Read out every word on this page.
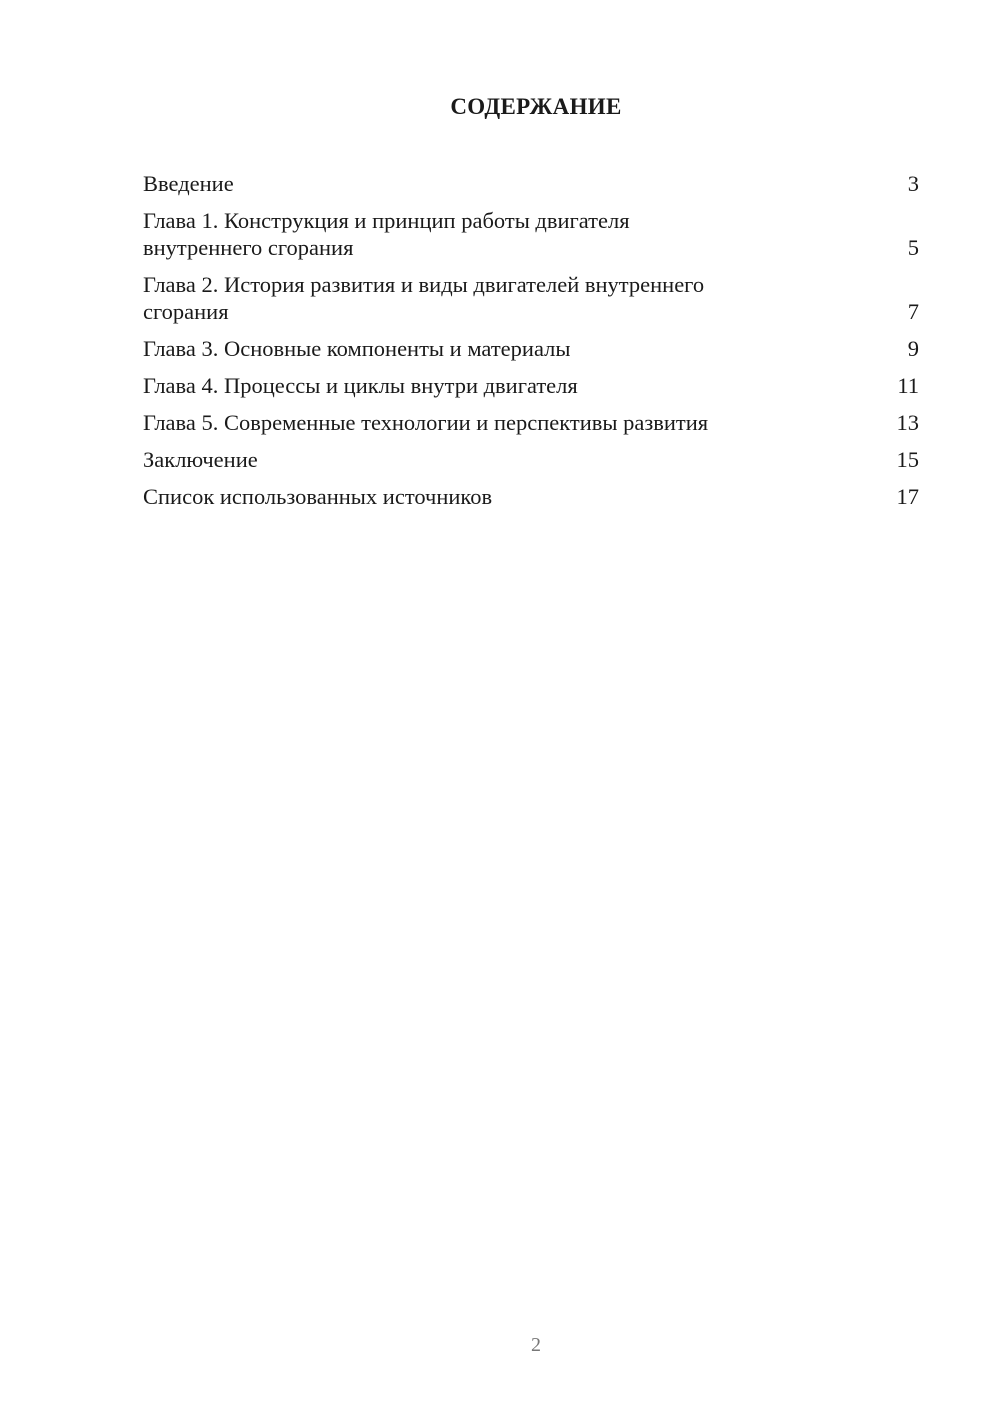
СОДЕРЖАНИЕ
Введение	3
Глава 1. Конструкция и принцип работы двигателя внутреннего сгорания	5
Глава 2. История развития и виды двигателей внутреннего сгорания	7
Глава 3. Основные компоненты и материалы	9
Глава 4. Процессы и циклы внутри двигателя	11
Глава 5. Современные технологии и перспективы развития	13
Заключение	15
Список использованных источников	17
2
